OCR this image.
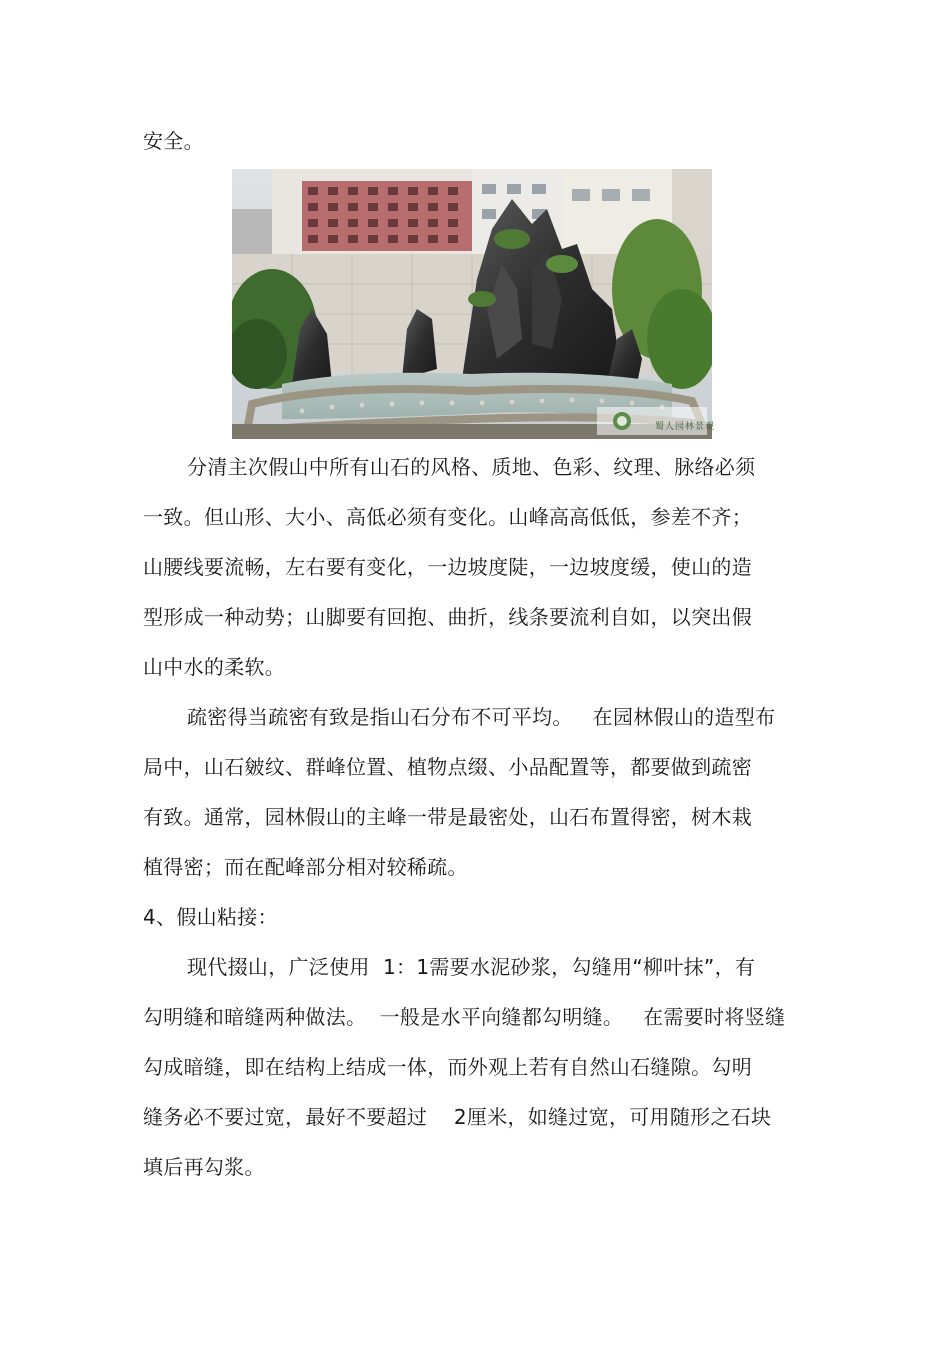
安全。
蜀人园林景观
分清主次假山中所有山石的风格、质地、色彩、纹理、脉络必须
一致。但山形、大小、高低必须有变化。山峰高高低低，参差不齐；
山腰线要流畅，左右要有变化，一边坡度陡，一边坡度缓，使山的造
型形成一种动势；山脚要有回抱、曲折，线条要流利自如，以突出假
山中水的柔软。
疏密得当疏密有致是指山石分布不可平均。   在园林假山的造型布
局中，山石皴纹、群峰位置、植物点缀、小品配置等，都要做到疏密
有致。通常，园林假山的主峰一带是最密处，山石布置得密，树木栽
植得密；而在配峰部分相对较稀疏。
4、假山粘接：
现代掇山，广泛使用  1：1需要水泥砂浆，勾缝用“柳叶抹”，有
勾明缝和暗缝两种做法。  一般是水平向缝都勾明缝。   在需要时将竖缝
勾成暗缝，即在结构上结成一体，而外观上若有自然山石缝隙。勾明
缝务必不要过宽，最好不要超过    2厘米，如缝过宽，可用随形之石块
填后再勾浆。
